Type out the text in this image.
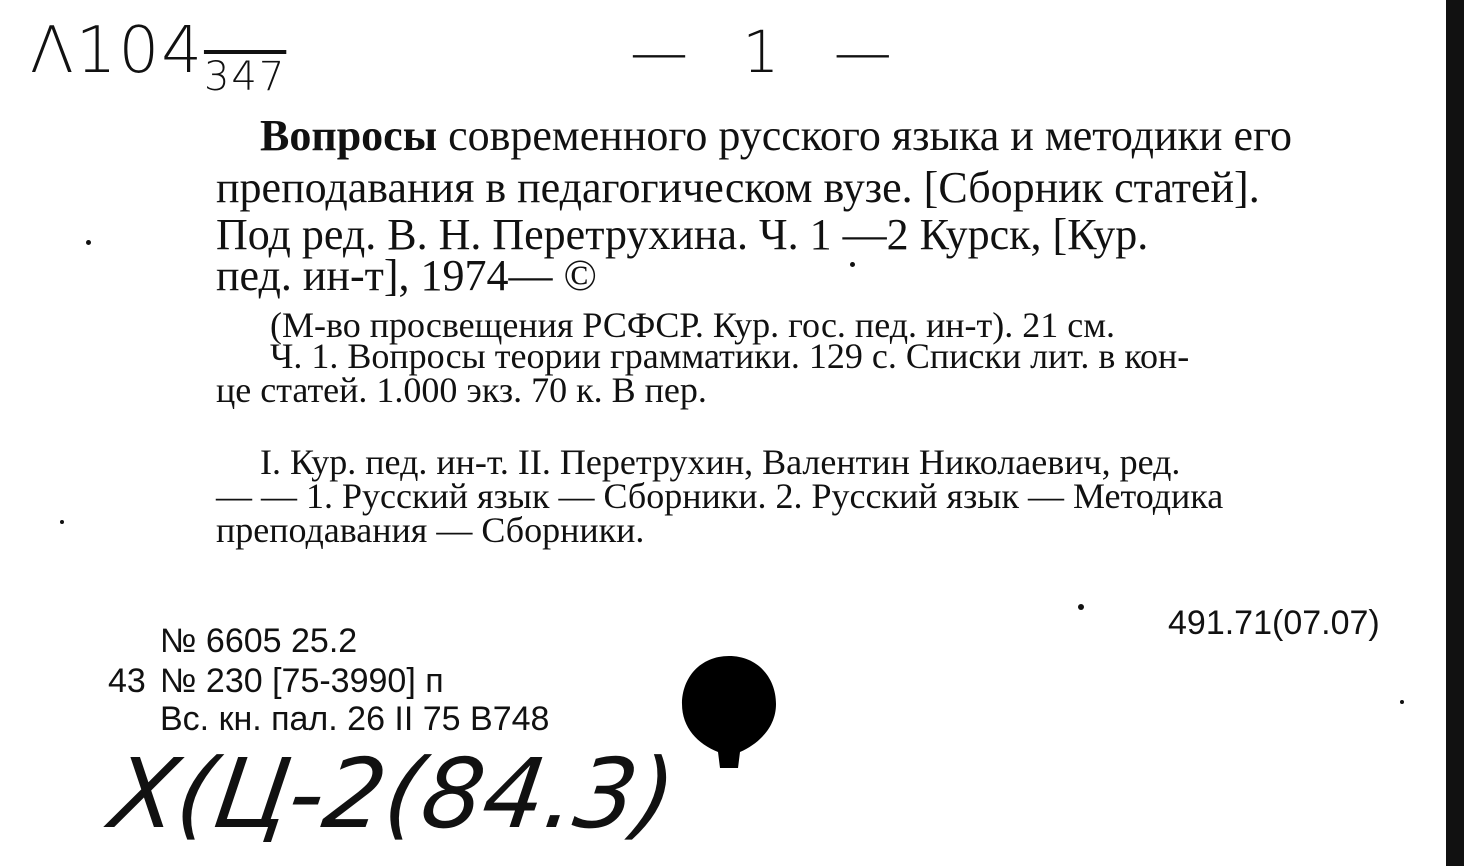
$\Lambda 104_{347}$	— 1 —
Вопросы современного русского языка и методики его
преподавания в педагогическом вузе. [Сборник статей].
Под ред. В. Н. Перетрухина. Ч. 1 —2 Курск, [Кур.
пед. ин-т], 1974— ©
(М-во просвещения РСФСР. Кур. гос. пед. ин-т). 21 см.
Ч. 1. Вопросы теории грамматики. 129 с. Списки лит. в кон-
це статей. 1.000 экз. 70 к. В пер.
I. Кур. пед. ин-т. II. Перетрухин, Валентин Николаевич, ред.
— — 1. Русский язык — Сборники. 2. Русский язык — Методика
преподавания — Сборники.
№ 6605 25.2
43 № 230 [75-3990] п
Вс. кн. пал. 26 II 75 В748
491.71(07.07)
Х(Ц-2(84.3)
